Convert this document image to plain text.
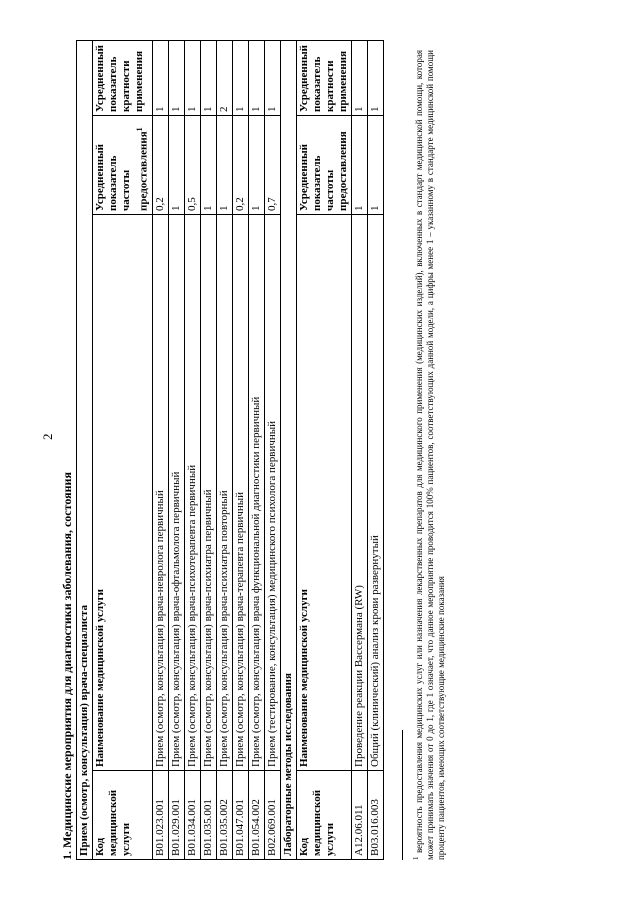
2
1. Медицинские мероприятия для диагностики заболевания, состояния Прием (осмотр, консультация) врача-специалиста			
Код медицинской услуги	Наименование медицинской услуги	Усредненный показатель частоты предоставления$^1$	Усредненный показатель кратности применения
B01.023.001	Прием (осмотр, консультация) врача-невролога первичный	0,2	1
B01.029.001	Прием (осмотр, консультация) врача-офтальмолога первичный	1	1
B01.034.001	Прием (осмотр, консультация) врача-психотерапевта первичный	0,5	1
B01.035.001	Прием (осмотр, консультация) врача-психиатра первичный	1	1
B01.035.002	Прием (осмотр, консультация) врача-психиатра повторный	1	2
B01.047.001	Прием (осмотр, консультация) врача-терапевта первичный	0,2	1
B01.054.002	Прием (осмотр, консультация) врача функциональной диагностики первичный	1	1
B02.069.001	Прием (тестирование, консультация) медицинского психолога первичный	0,7	1
Лабораторные методы исследования			
Код медицинской услуги	Наименование медицинской услуги	Усредненный показатель частоты предоставления	Усредненный показатель кратности применения
A12.06.011	Проведение реакции Вассермана (RW)	1	1
B03.016.003	Общий (клинический) анализ крови развернутый	1	1
$^1$ вероятность предоставления медицинских услуг или назначения лекарственных препаратов для медицинского применения (медицинских изделий), включенных в стандарт медицинской помощи, которая может принимать значения от 0 до 1, где 1 означает, что данное мероприятие проводится 100% пациентов, соответствующих данной модели, а цифры менее 1 – указанному в стандарте медицинской помощи проценту пациентов, имеющих соответствующие медицинские показания
